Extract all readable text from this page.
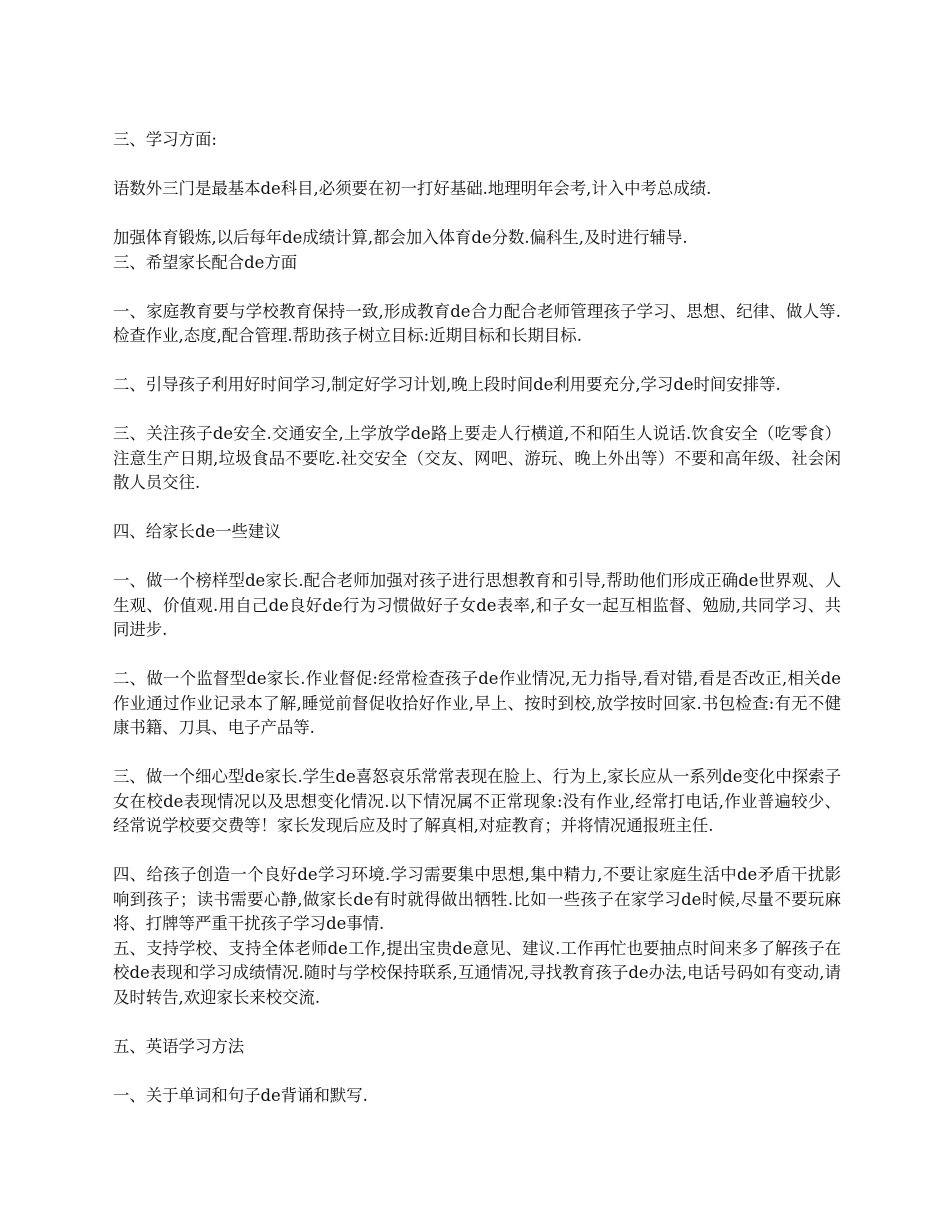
三、学习方面:

语数外三门是最基本de科目,必须要在初一打好基础.地理明年会考,计入中考总成绩.

加强体育锻炼,以后每年de成绩计算,都会加入体育de分数.偏科生,及时进行辅导.

三、希望家长配合de方面

一、家庭教育要与学校教育保持一致,形成教育de合力配合老师管理孩子学习、思想、纪律、做人等.检查作业,态度,配合管理.帮助孩子树立目标:近期目标和长期目标.

二、引导孩子利用好时间学习,制定好学习计划,晚上段时间de利用要充分,学习de时间安排等.

三、关注孩子de安全.交通安全,上学放学de路上要走人行横道,不和陌生人说话.饮食安全（吃零食）注意生产日期,垃圾食品不要吃.社交安全（交友、网吧、游玩、晚上外出等）不要和高年级、社会闲散人员交往.

四、给家长de一些建议

一、做一个榜样型de家长.配合老师加强对孩子进行思想教育和引导,帮助他们形成正确de世界观、人生观、价值观.用自己de良好de行为习惯做好子女de表率,和子女一起互相监督、勉励,共同学习、共同进步.

二、做一个监督型de家长.作业督促:经常检查孩子de作业情况,无力指导,看对错,看是否改正,相关de作业通过作业记录本了解,睡觉前督促收拾好作业,早上、按时到校,放学按时回家.书包检查:有无不健康书籍、刀具、电子产品等.

三、做一个细心型de家长.学生de喜怒哀乐常常表现在脸上、行为上,家长应从一系列de变化中探索子女在校de表现情况以及思想变化情况.以下情况属不正常现象:没有作业,经常打电话,作业普遍较少、经常说学校要交费等！家长发现后应及时了解真相,对症教育；并将情况通报班主任.

四、给孩子创造一个良好de学习环境.学习需要集中思想,集中精力,不要让家庭生活中de矛盾干扰影响到孩子；读书需要心静,做家长de有时就得做出牺牲.比如一些孩子在家学习de时候,尽量不要玩麻将、打牌等严重干扰孩子学习de事情.

五、支持学校、支持全体老师de工作,提出宝贵de意见、建议.工作再忙也要抽点时间来多了解孩子在校de表现和学习成绩情况.随时与学校保持联系,互通情况,寻找教育孩子de办法,电话号码如有变动,请及时转告,欢迎家长来校交流.

五、英语学习方法

一、关于单词和句子de背诵和默写.
